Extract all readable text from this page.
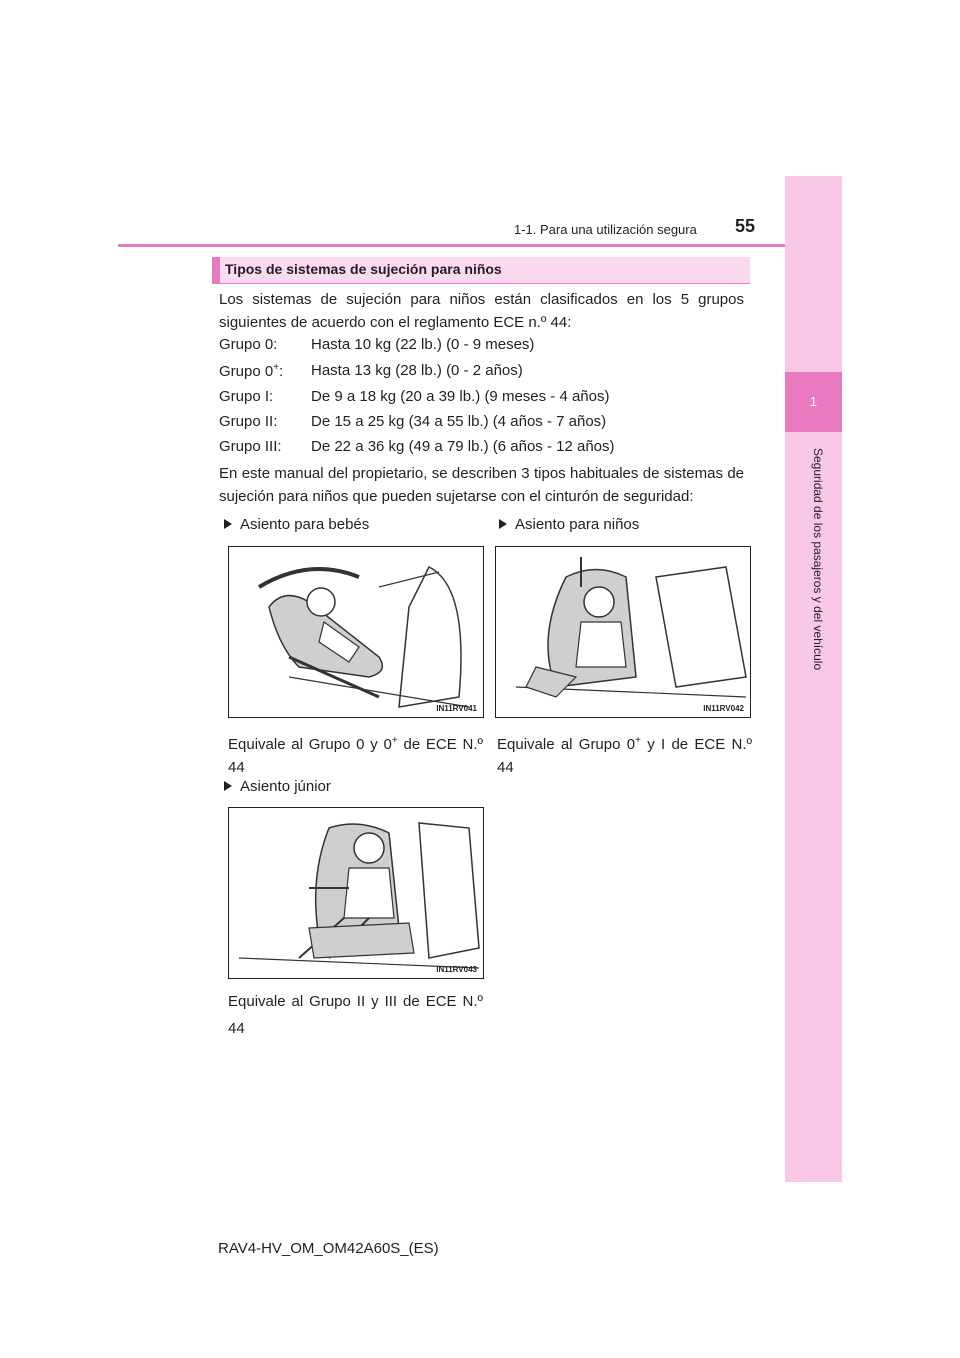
1
Seguridad de los pasajeros y del vehículo
1-1. Para una utilización segura 55
Tipos de sistemas de sujeción para niños
Los sistemas de sujeción para niños están clasificados en los 5 grupos siguientes de acuerdo con el reglamento ECE n.º 44:
Grupo 0: Hasta 10 kg (22 lb.) (0 - 9 meses)
Grupo 0+: Hasta 13 kg (28 lb.) (0 - 2 años)
Grupo I:	De 9 a 18 kg (20 a 39 lb.) (9 meses - 4 años)
Grupo II: De 15 a 25 kg (34 a 55 lb.) (4 años - 7 años)
Grupo III: De 22 a 36 kg (49 a 79 lb.) (6 años - 12 años)
En este manual del propietario, se describen 3 tipos habituales de sistemas de sujeción para niños que pueden sujetarse con el cinturón de seguridad:
Asiento para bebés
IN11RV041
Equivale al Grupo 0 y 0+ de ECE N.º 44
Asiento para niños
IN11RV042
Equivale al Grupo 0+ y I de ECE N.º 44
Asiento júnior
IN11RV043
Equivale al Grupo II y III de ECE N.º 44
RAV4-HV_OM_OM42A60S_(ES)
